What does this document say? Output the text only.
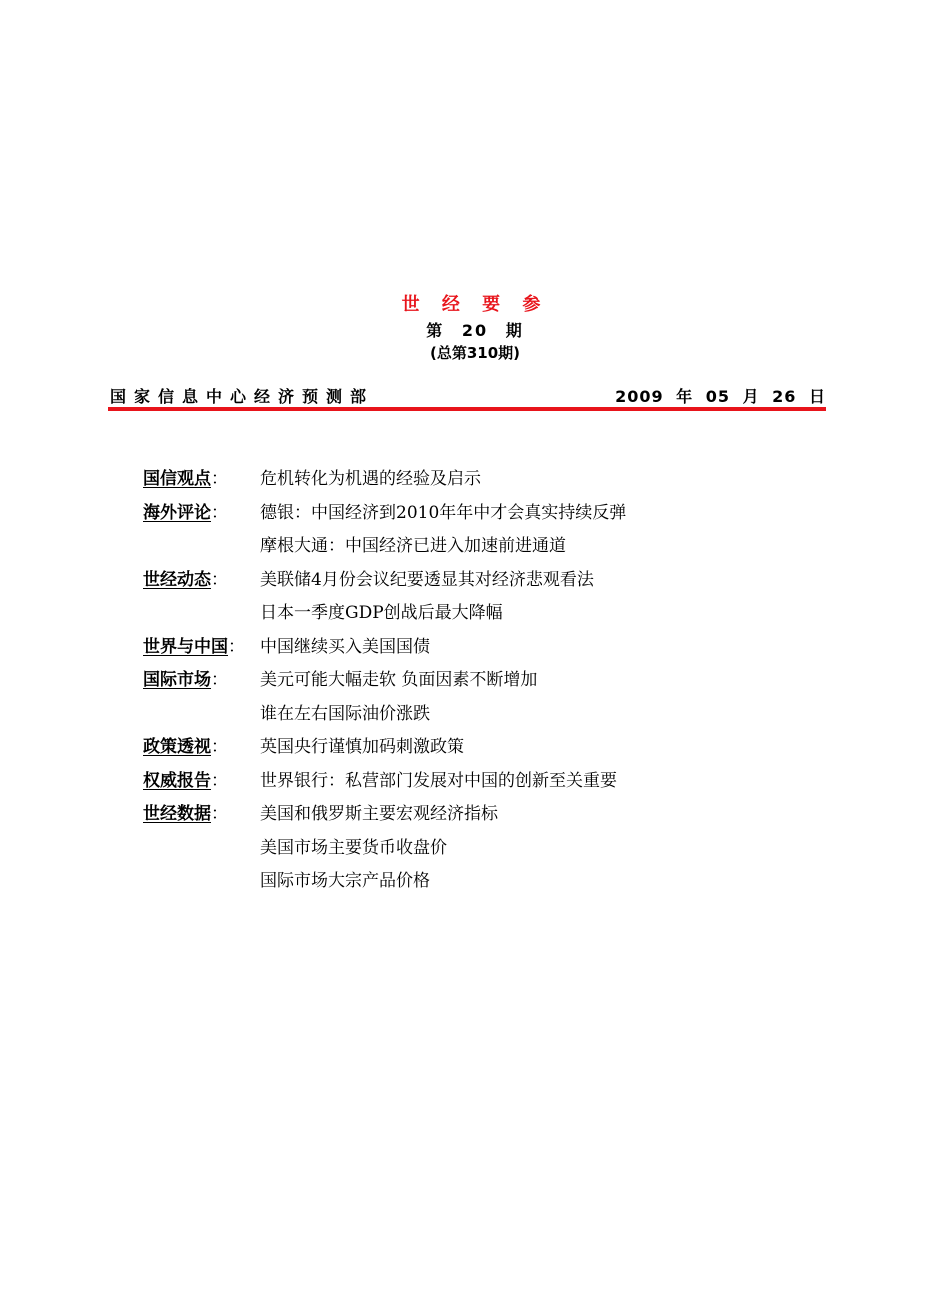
世 经 要 参
第 20 期
(总第310期)
国家信息中心经济预测部	2009 年 05 月 26 日
国信观点：	危机转化为机遇的经验及启示
海外评论：	德银：中国经济到2010年年中才会真实持续反弹
摩根大通：中国经济已进入加速前进通道
世经动态：	美联储4月份会议纪要透显其对经济悲观看法
日本一季度GDP创战后最大降幅
世界与中国： 中国继续买入美国国债
国际市场：	美元可能大幅走软 负面因素不断增加
谁在左右国际油价涨跌
政策透视：	英国央行谨慎加码刺激政策
权威报告：	世界银行：私营部门发展对中国的创新至关重要
世经数据：	美国和俄罗斯主要宏观经济指标
美国市场主要货币收盘价
国际市场大宗产品价格
